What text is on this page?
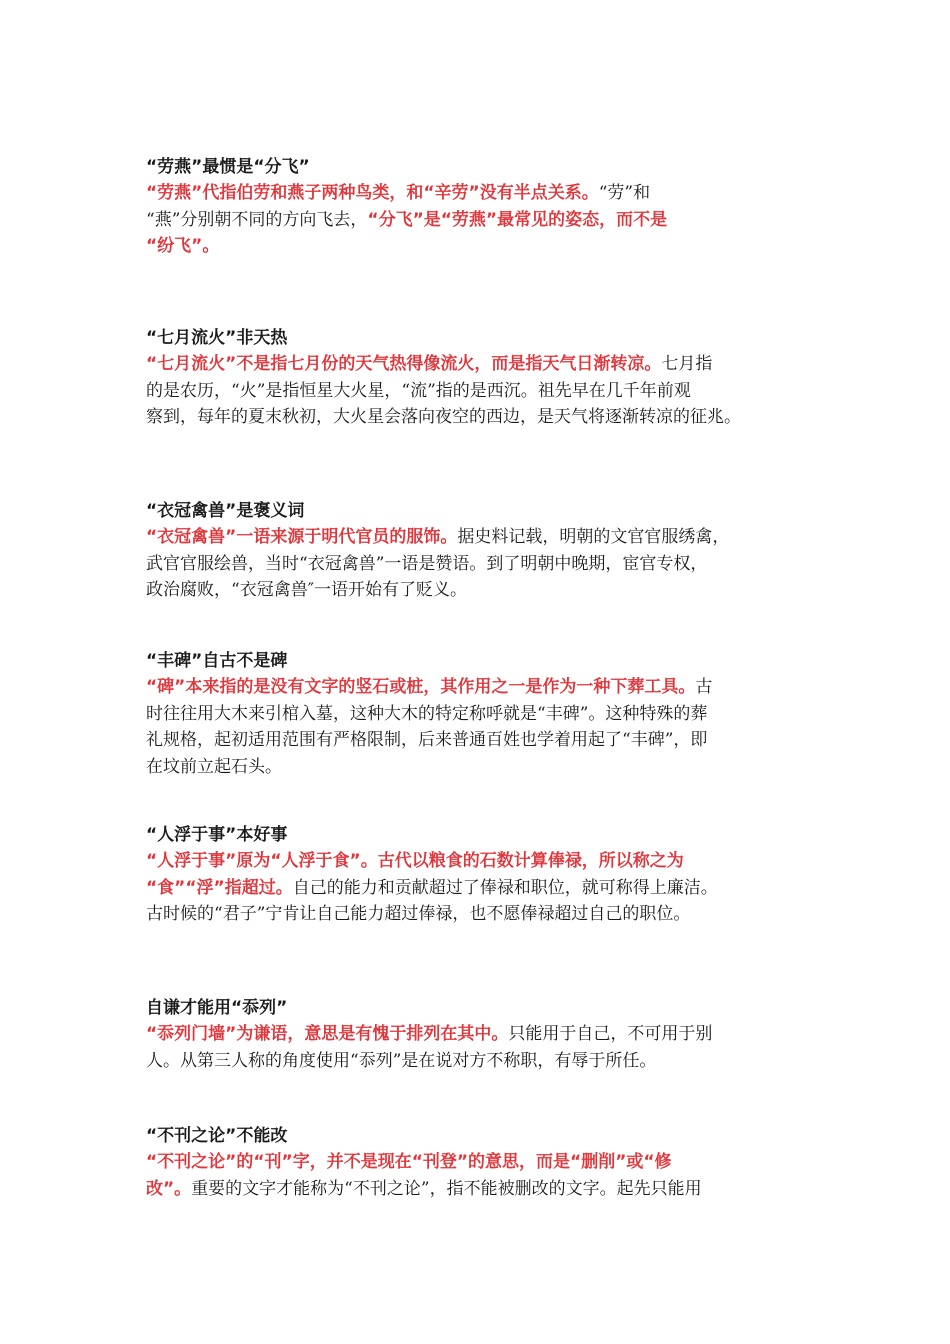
“劳燕”最惯是“分飞”
“劳燕”代指伯劳和燕子两种鸟类，和“辛劳”没有半点关系。“劳”和
“燕”分别朝不同的方向飞去，“分飞”是“劳燕”最常见的姿态，而不是
“纷飞”。
“七月流火”非天热
“七月流火”不是指七月份的天气热得像流火，而是指天气日渐转凉。七月指
的是农历，“火”是指恒星大火星，“流”指的是西沉。祖先早在几千年前观
察到，每年的夏末秋初，大火星会落向夜空的西边，是天气将逐渐转凉的征兆。
“衣冠禽兽”是褒义词
“衣冠禽兽”一语来源于明代官员的服饰。据史料记载，明朝的文官官服绣禽，
武官官服绘兽，当时“衣冠禽兽”一语是赞语。到了明朝中晚期，宦官专权，
政治腐败，“衣冠禽兽″一语开始有了贬义。
“丰碑”自古不是碑
“碑”本来指的是没有文字的竖石或桩，其作用之一是作为一种下葬工具。古
时往往用大木来引棺入墓，这种大木的特定称呼就是“丰碑”。这种特殊的葬
礼规格，起初适用范围有严格限制，后来普通百姓也学着用起了“丰碑”，即
在坟前立起石头。
“人浮于事”本好事
“人浮于事”原为“人浮于食”。古代以粮食的石数计算俸禄，所以称之为
“食”“浮”指超过。自己的能力和贡献超过了俸禄和职位，就可称得上廉洁。
古时候的“君子”宁肯让自己能力超过俸禄，也不愿俸禄超过自己的职位。
自谦才能用“忝列”
“忝列门墙”为谦语，意思是有愧于排列在其中。只能用于自己，不可用于别
人。从第三人称的角度使用“忝列”是在说对方不称职，有辱于所任。
“不刊之论”不能改
“不刊之论”的“刊”字，并不是现在“刊登”的意思，而是“删削”或“修
改”。重要的文字才能称为“不刊之论”，指不能被删改的文字。起先只能用
